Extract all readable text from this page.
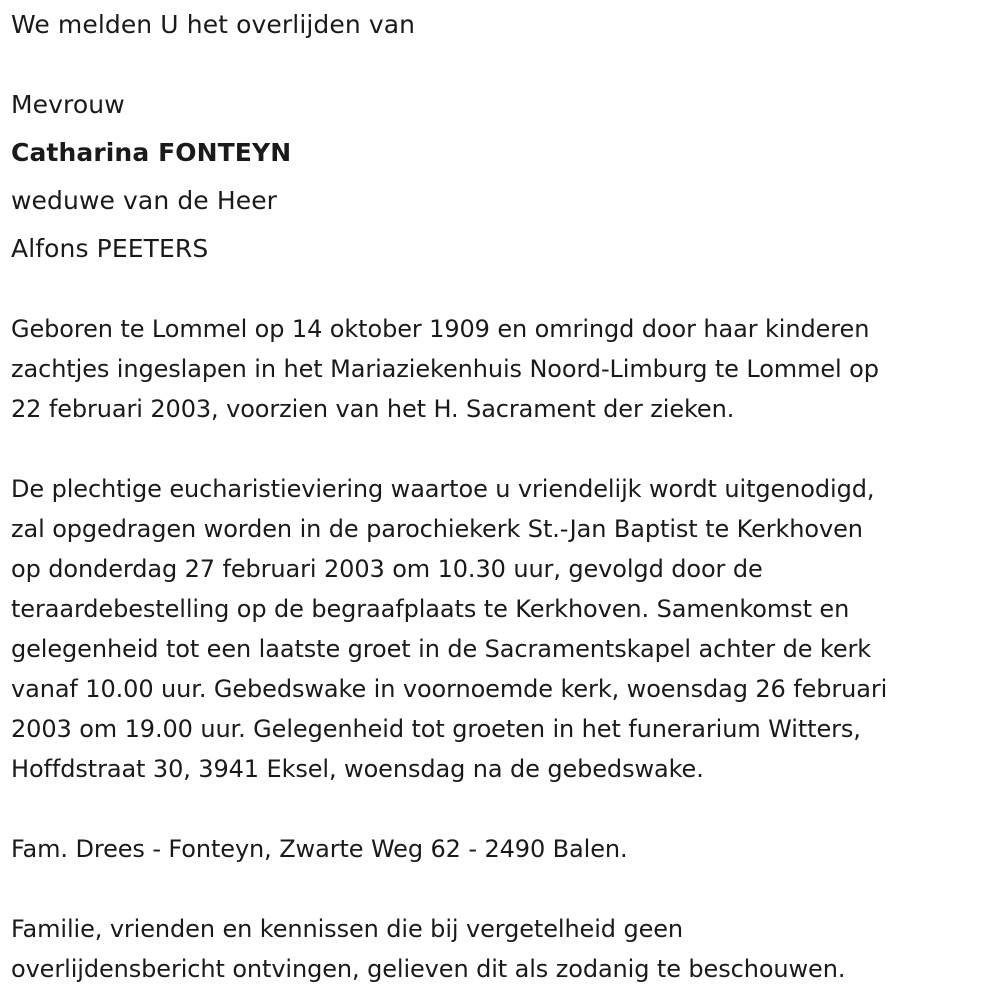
We melden U het overlijden van
Mevrouw
Catharina FONTEYN
weduwe van de Heer
Alfons PEETERS
Geboren te Lommel op 14 oktober 1909 en omringd door haar kinderen
zachtjes ingeslapen in het Mariaziekenhuis Noord-Limburg te Lommel op
22 februari 2003, voorzien van het H. Sacrament der zieken.
De plechtige eucharistieviering waartoe u vriendelijk wordt uitgenodigd,
zal opgedragen worden in de parochiekerk St.-Jan Baptist te Kerkhoven
op donderdag 27 februari 2003 om 10.30 uur, gevolgd door de
teraardebestelling op de begraafplaats te Kerkhoven. Samenkomst en
gelegenheid tot een laatste groet in de Sacramentskapel achter de kerk
vanaf 10.00 uur. Gebedswake in voornoemde kerk, woensdag 26 februari
2003 om 19.00 uur. Gelegenheid tot groeten in het funerarium Witters,
Hoffdstraat 30, 3941 Eksel, woensdag na de gebedswake.
Fam. Drees - Fonteyn, Zwarte Weg 62 - 2490 Balen.
Familie, vrienden en kennissen die bij vergetelheid geen
overlijdensbericht ontvingen, gelieven dit als zodanig te beschouwen.
